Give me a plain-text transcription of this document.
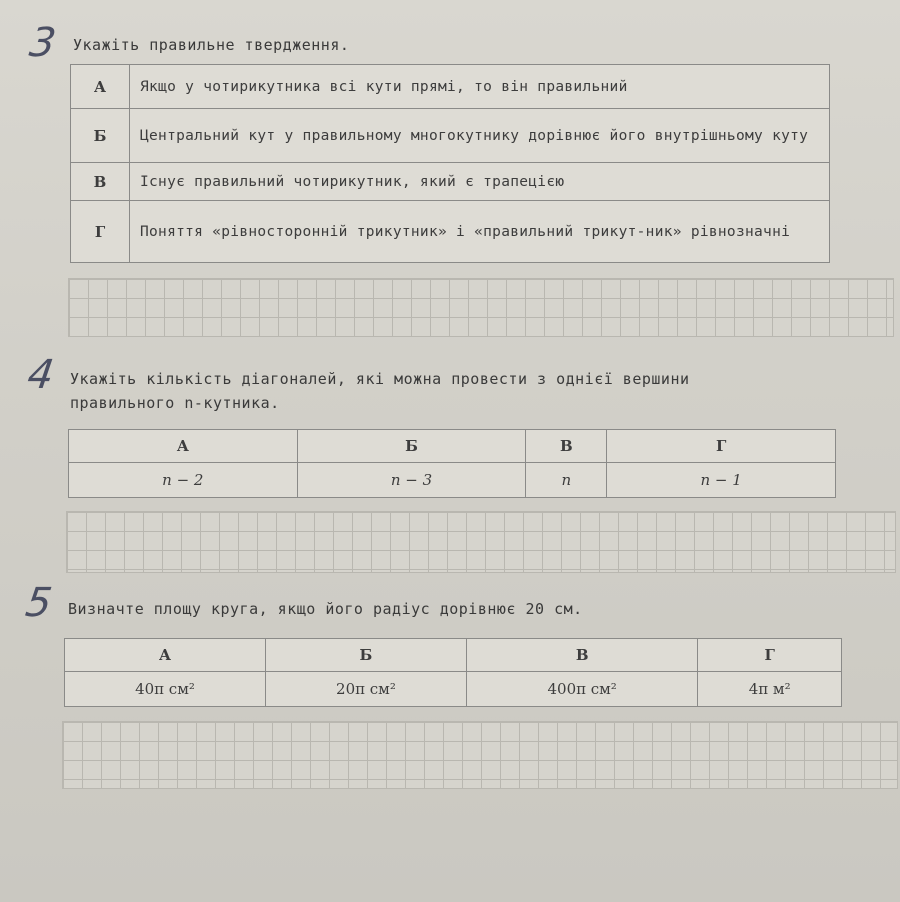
3 Укажіть правильне твердження.
А	Якщо у чотирикутника всі кути прямі, то він правильний
Б	Центральний кут у правильному многокутнику дорівнює його внутрішньому куту
В	Існує правильний чотирикутник, який є трапецією
Г	Поняття «рівносторонній трикутник» і «правильний трикут-ник» рівнозначні
4 Укажіть кількість діагоналей, які можна провести з однієї вершини
правильного n-кутника.
А	Б	В	Г
n − 2	n − 3	n	n − 1
5 Визначте площу круга, якщо його радіус дорівнює 20 см.
А	Б	В	Г
40π см²	20π см²	400π см²	4π м²
